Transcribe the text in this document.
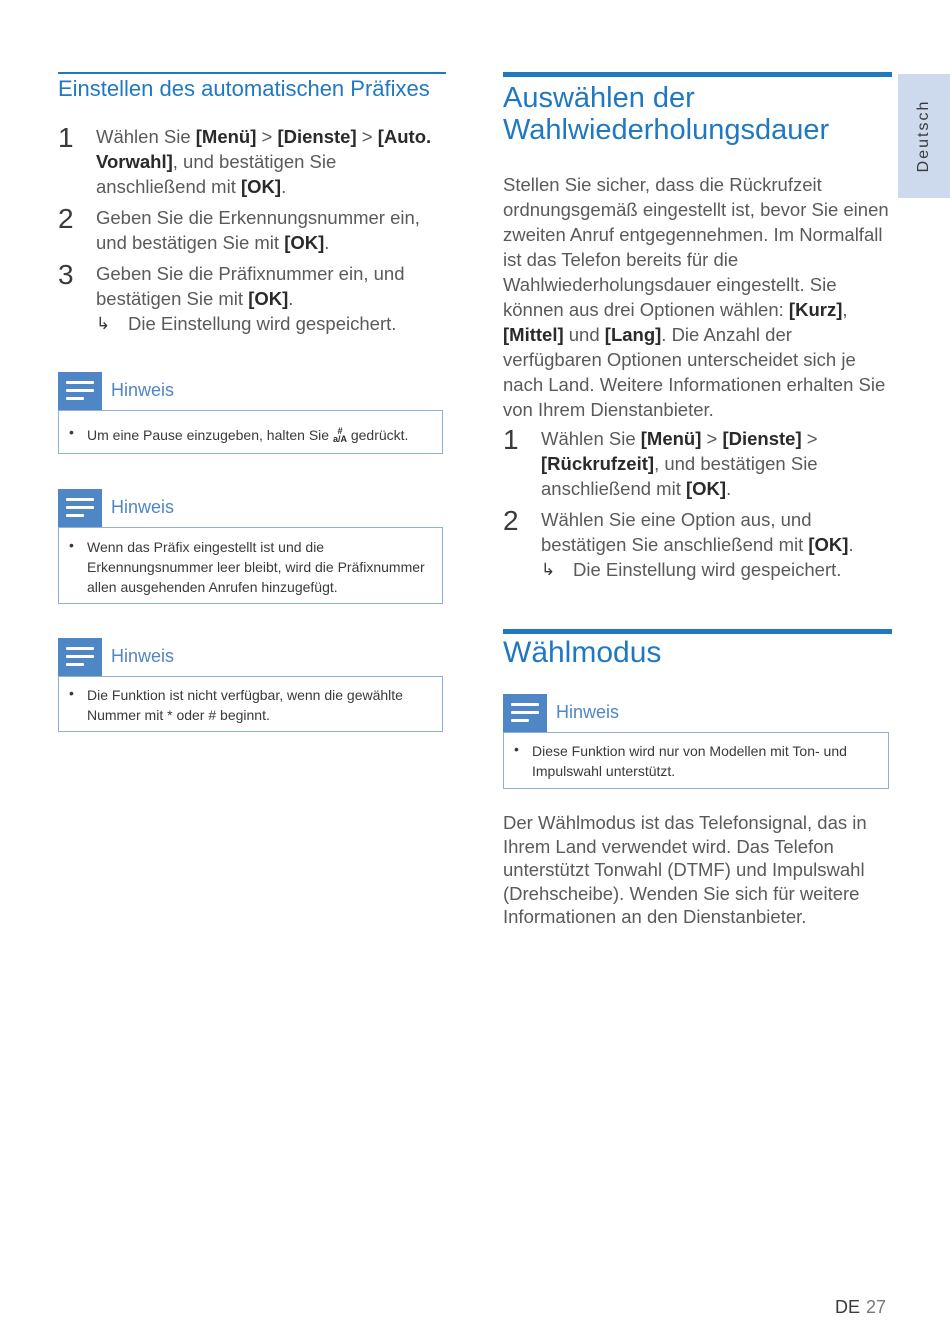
Deutsch
Einstellen des automatischen Präfixes
1 Wählen Sie [Menü] > [Dienste] > [Auto. Vorwahl], und bestätigen Sie anschließend mit [OK].
2 Geben Sie die Erkennungsnummer ein, und bestätigen Sie mit [OK].
3 Geben Sie die Präfixnummer ein, und bestätigen Sie mit [OK].
↳ Die Einstellung wird gespeichert.
Hinweis
• Um eine Pause einzugeben, halten Sie #
a/A gedrückt.
Hinweis
• Wenn das Präfix eingestellt ist und die Erkennungsnummer leer bleibt, wird die Präfixnummer allen ausgehenden Anrufen hinzugefügt.
Hinweis
• Die Funktion ist nicht verfügbar, wenn die gewählte Nummer mit * oder # beginnt.
Auswählen der
Wahlwiederholungsdauer
Stellen Sie sicher, dass die Rückrufzeit ordnungsgemäß eingestellt ist, bevor Sie einen zweiten Anruf entgegennehmen. Im Normalfall ist das Telefon bereits für die Wahlwiederholungsdauer eingestellt. Sie können aus drei Optionen wählen: [Kurz], [Mittel] und [Lang]. Die Anzahl der verfügbaren Optionen unterscheidet sich je nach Land. Weitere Informationen erhalten Sie von Ihrem Dienstanbieter.
1 Wählen Sie [Menü] > [Dienste] > [Rückrufzeit], und bestätigen Sie anschließend mit [OK].
2 Wählen Sie eine Option aus, und bestätigen Sie anschließend mit [OK].
↳ Die Einstellung wird gespeichert.
Wählmodus
Hinweis
• Diese Funktion wird nur von Modellen mit Ton- und Impulswahl unterstützt.
Der Wählmodus ist das Telefonsignal, das in Ihrem Land verwendet wird. Das Telefon unterstützt Tonwahl (DTMF) und Impulswahl (Drehscheibe). Wenden Sie sich für weitere Informationen an den Dienstanbieter.
DE 27
